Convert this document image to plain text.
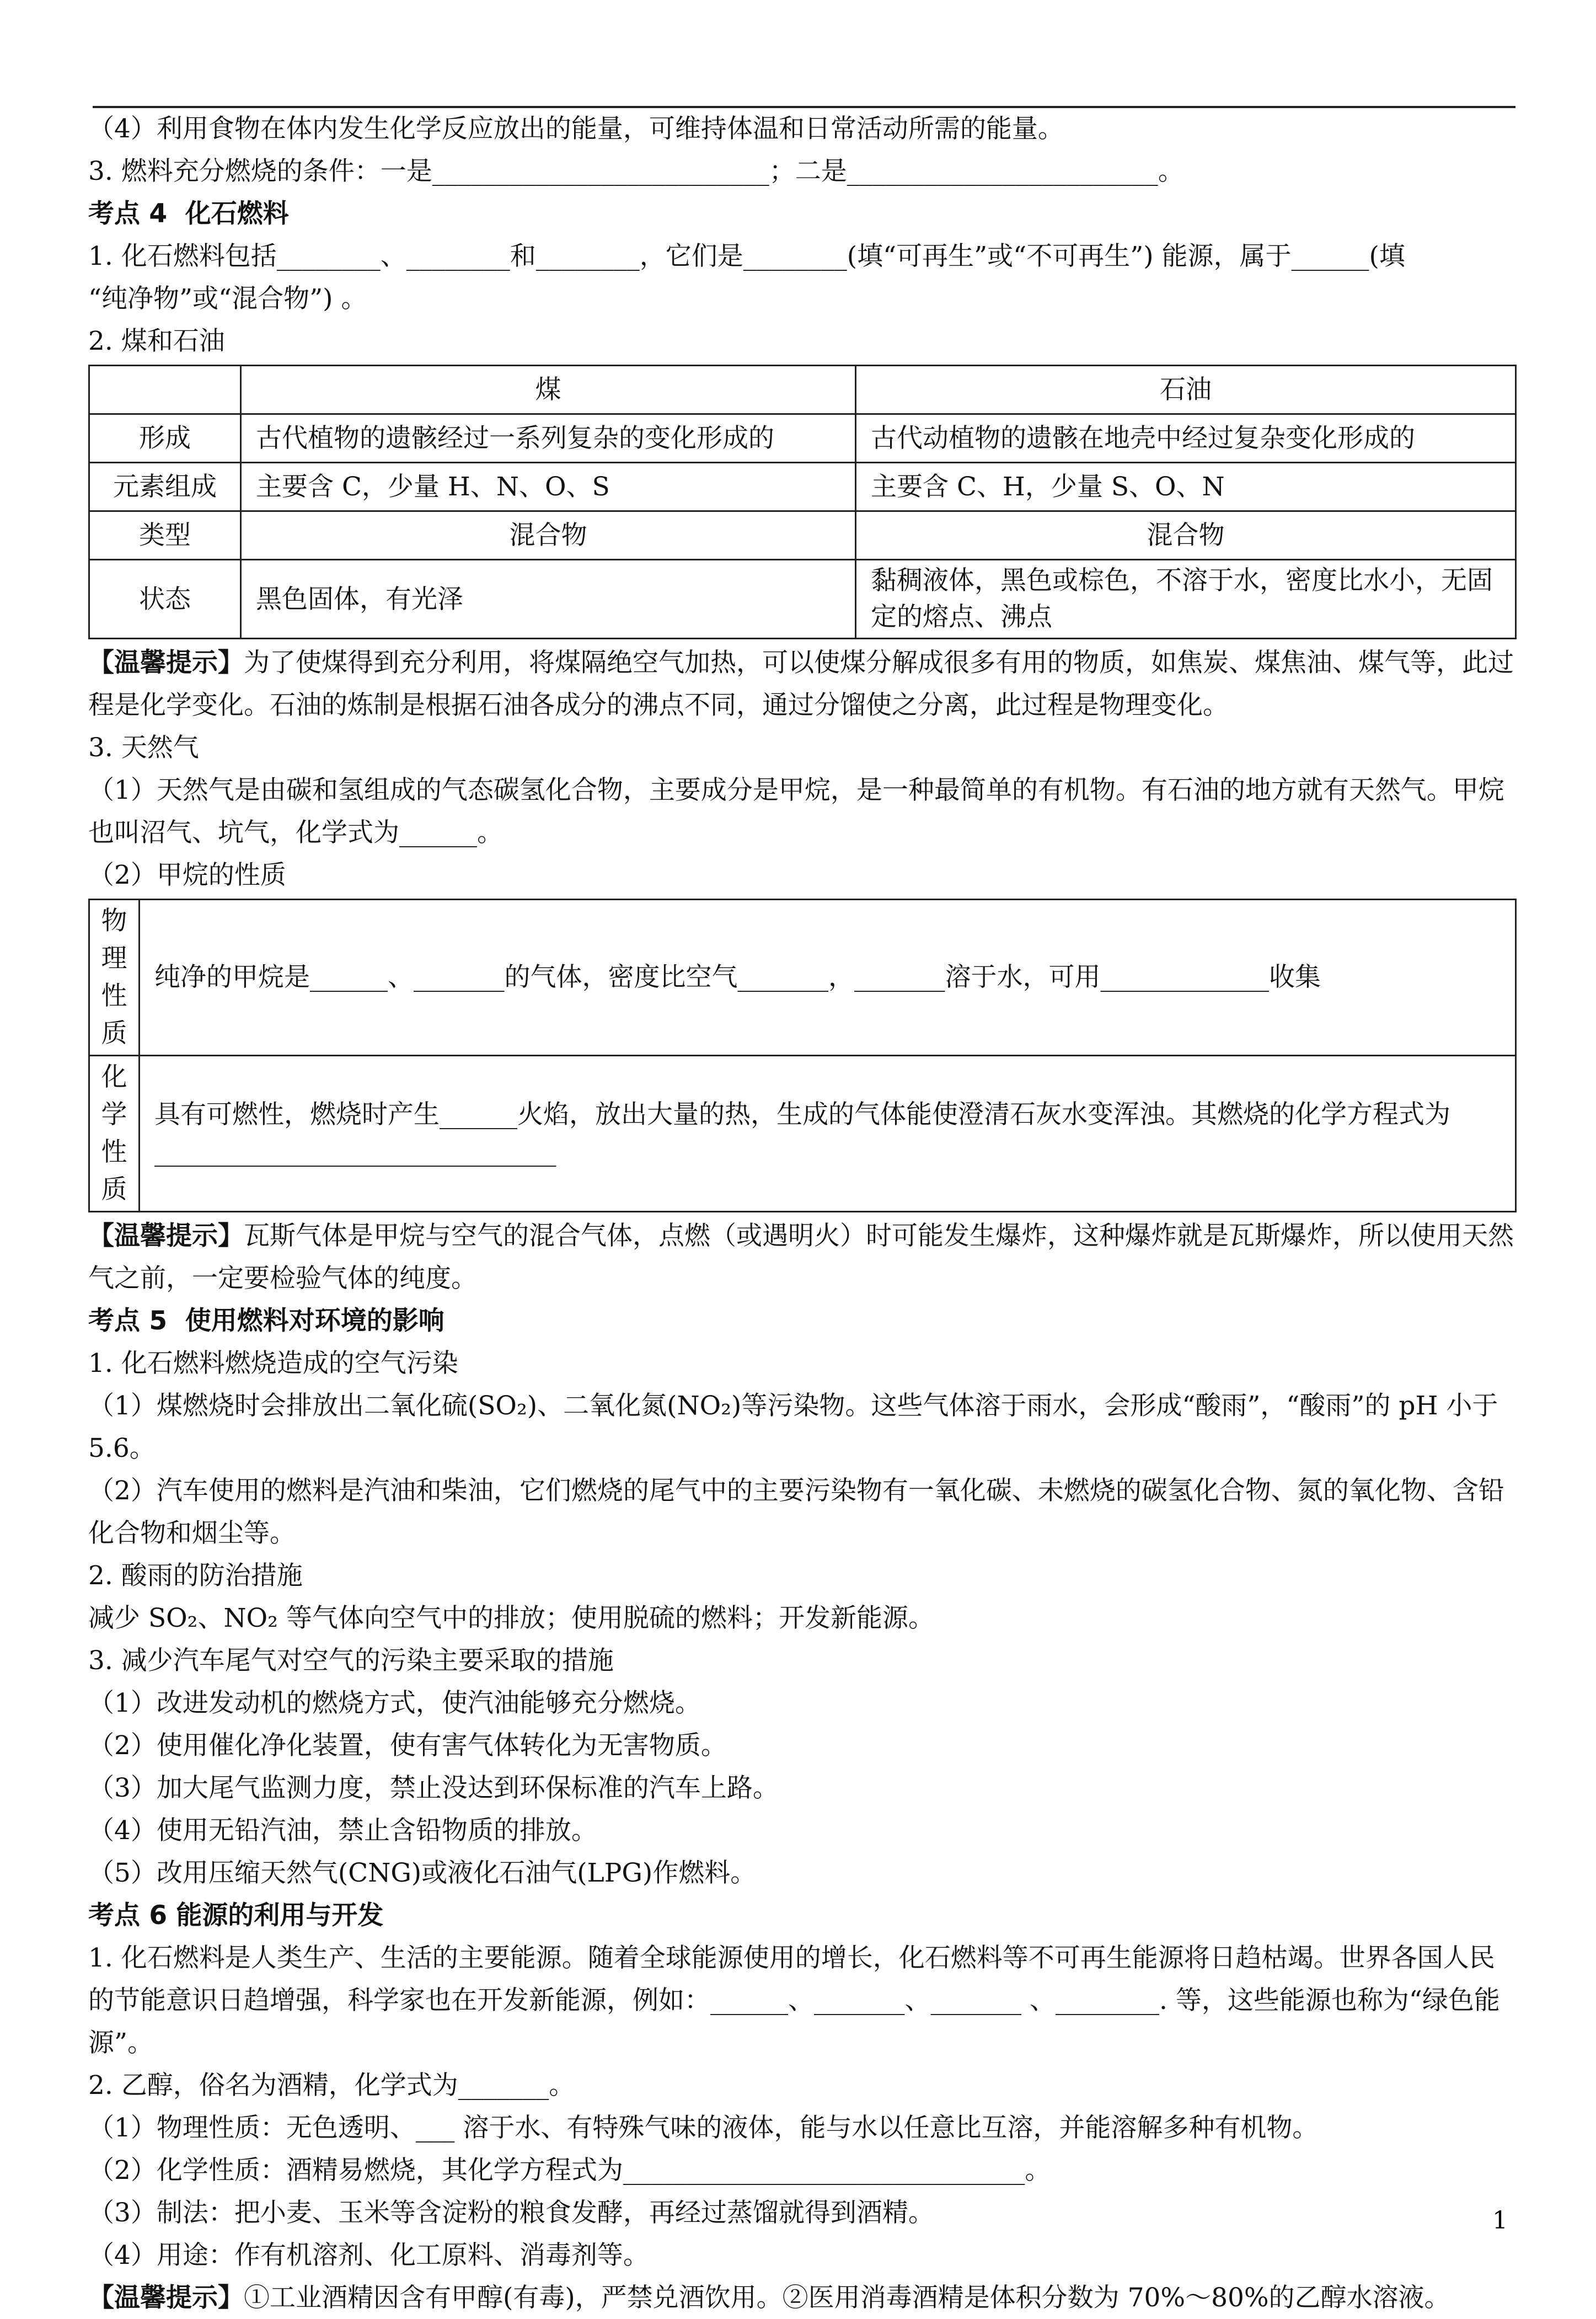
（4）利用食物在体内发生化学反应放出的能量，可维持体温和日常活动所需的能量。
3. 燃料充分燃烧的条件：一是__________________________；二是________________________。
考点 4  化石燃料
1. 化石燃料包括________、________和________，它们是________(填“可再生”或“不可再生”) 能源，属于______(填
“纯净物”或“混合物”) 。
2. 煤和石油
	煤	石油
形成	古代植物的遗骸经过一系列复杂的变化形成的	古代动植物的遗骸在地壳中经过复杂变化形成的
元素组成	主要含 C，少量 H、N、O、S	主要含 C、H，少量 S、O、N
类型	混合物	混合物
状态	黑色固体，有光泽	黏稠液体，黑色或棕色，不溶于水，密度比水小，无固定的熔点、沸点
【温馨提示】为了使煤得到充分利用，将煤隔绝空气加热，可以使煤分解成很多有用的物质，如焦炭、煤焦油、煤气等，此过程是化学变化。石油的炼制是根据石油各成分的沸点不同，通过分馏使之分离，此过程是物理变化。
3. 天然气
（1）天然气是由碳和氢组成的气态碳氢化合物，主要成分是甲烷，是一种最简单的有机物。有石油的地方就有天然气。甲烷也叫沼气、坑气，化学式为______。
（2）甲烷的性质
物理性质	纯净的甲烷是______、_______的气体，密度比空气_______，_______溶于水，可用_____________收集
化学性质	具有可燃性，燃烧时产生______火焰，放出大量的热，生成的气体能使澄清石灰水变浑浊。其燃烧的化学方程式为_______________________________
【温馨提示】瓦斯气体是甲烷与空气的混合气体，点燃（或遇明火）时可能发生爆炸，这种爆炸就是瓦斯爆炸，所以使用天然气之前，一定要检验气体的纯度。
考点 5  使用燃料对环境的影响
1. 化石燃料燃烧造成的空气污染
（1）煤燃烧时会排放出二氧化硫(SO₂)、二氧化氮(NO₂)等污染物。这些气体溶于雨水，会形成“酸雨”，“酸雨”的 pH 小于 5.6。
（2）汽车使用的燃料是汽油和柴油，它们燃烧的尾气中的主要污染物有一氧化碳、未燃烧的碳氢化合物、氮的氧化物、含铅化合物和烟尘等。
2. 酸雨的防治措施
减少 SO₂、NO₂ 等气体向空气中的排放；使用脱硫的燃料；开发新能源。
3. 减少汽车尾气对空气的污染主要采取的措施
（1）改进发动机的燃烧方式，使汽油能够充分燃烧。
（2）使用催化净化装置，使有害气体转化为无害物质。
（3）加大尾气监测力度，禁止没达到环保标准的汽车上路。
（4）使用无铅汽油，禁止含铅物质的排放。
（5）改用压缩天然气(CNG)或液化石油气(LPG)作燃料。
考点 6 能源的利用与开发
1. 化石燃料是人类生产、生活的主要能源。随着全球能源使用的增长，化石燃料等不可再生能源将日趋枯竭。世界各国人民的节能意识日趋增强，科学家也在开发新能源，例如：______、_______、_______ 、________. 等，这些能源也称为“绿色能源”。
2. 乙醇，俗名为酒精，化学式为_______。
（1）物理性质：无色透明、___ 溶于水、有特殊气味的液体，能与水以任意比互溶，并能溶解多种有机物。
（2）化学性质：酒精易燃烧，其化学方程式为_______________________________。
（3）制法：把小麦、玉米等含淀粉的粮食发酵，再经过蒸馏就得到酒精。
（4）用途：作有机溶剂、化工原料、消毒剂等。
【温馨提示】①工业酒精因含有甲醇(有毒)，严禁兑酒饮用。②医用消毒酒精是体积分数为 70%～80%的乙醇水溶液。
1
